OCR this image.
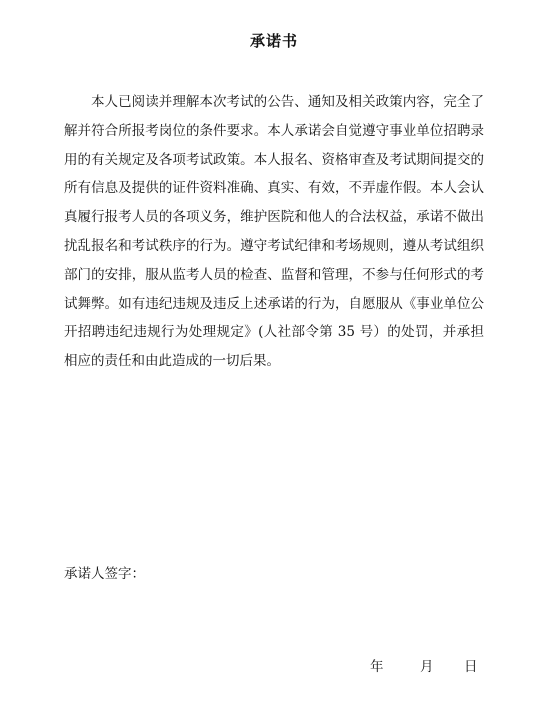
承诺书

本人已阅读并理解本次考试的公告、通知及相关政策内容，完全了解并符合所报考岗位的条件要求。本人承诺会自觉遵守事业单位招聘录用的有关规定及各项考试政策。本人报名、资格审查及考试期间提交的所有信息及提供的证件资料准确、真实、有效，不弄虚作假。本人会认真履行报考人员的各项义务，维护医院和他人的合法权益，承诺不做出扰乱报名和考试秩序的行为。遵守考试纪律和考场规则，遵从考试组织部门的安排，服从监考人员的检查、监督和管理，不参与任何形式的考试舞弊。如有违纪违规及违反上述承诺的行为，自愿服从《事业单位公开招聘违纪违规行为处理规定》(人社部令第 35 号）的处罚，并承担相应的责任和由此造成的一切后果。

承诺人签字：
年	月	日
